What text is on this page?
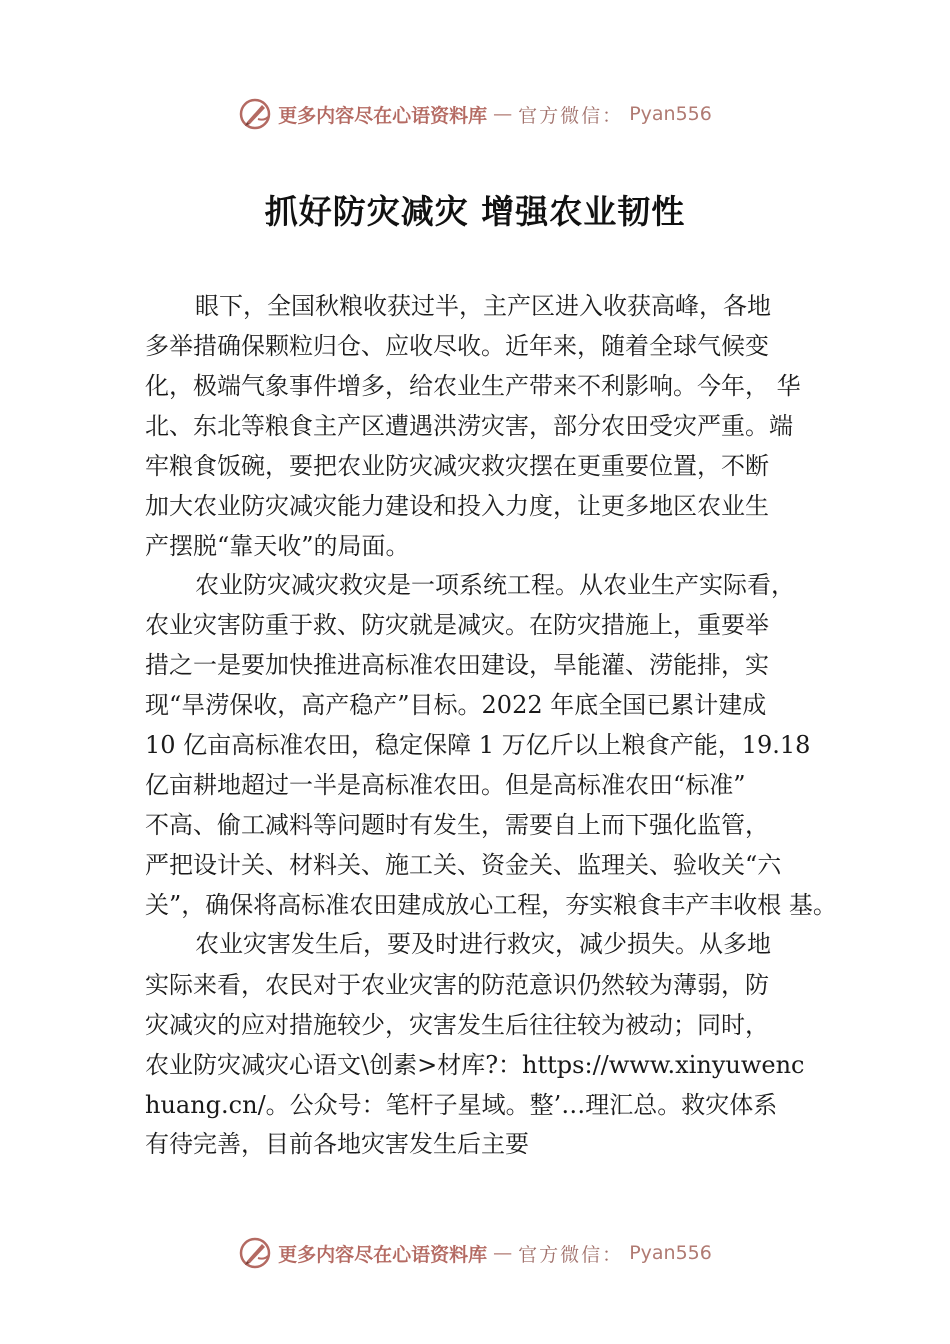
更多内容尽在心语资料库 — 官方微信： Pyan556
抓好防灾减灾 增强农业韧性
眼下，全国秋粮收获过半，主产区进入收获高峰，各地
多举措确保颗粒归仓、应收尽收。近年来，随着全球气候变
化，极端气象事件增多，给农业生产带来不利影响。今年， 华
北、东北等粮食主产区遭遇洪涝灾害，部分农田受灾严重。端
牢粮食饭碗，要把农业防灾减灾救灾摆在更重要位置，不断
加大农业防灾减灾能力建设和投入力度，让更多地区农业生
产摆脱“靠天收”的局面。
农业防灾减灾救灾是一项系统工程。从农业生产实际看，
农业灾害防重于救、防灾就是减灾。在防灾措施上，重要举
措之一是要加快推进高标准农田建设，旱能灌、涝能排，实
现“旱涝保收，高产稳产”目标。2022 年底全国已累计建成
10 亿亩高标准农田，稳定保障 1 万亿斤以上粮食产能，19.18
亿亩耕地超过一半是高标准农田。但是高标准农田“标准”
不高、偷工减料等问题时有发生，需要自上而下强化监管，
严把设计关、材料关、施工关、资金关、监理关、验收关“六
关”，确保将高标准农田建成放心工程，夯实粮食丰产丰收根 基。
农业灾害发生后，要及时进行救灾，减少损失。从多地
实际来看，农民对于农业灾害的防范意识仍然较为薄弱，防
灾减灾的应对措施较少，灾害发生后往往较为被动；同时，
农业防灾减灾心语文\创素>材库?：https://www.xinyuwenc
huang.cn/。公众号：笔杆子星域。整’…理汇总。救灾体系
有待完善，目前各地灾害发生后主要
更多内容尽在心语资料库 — 官方微信： Pyan556
